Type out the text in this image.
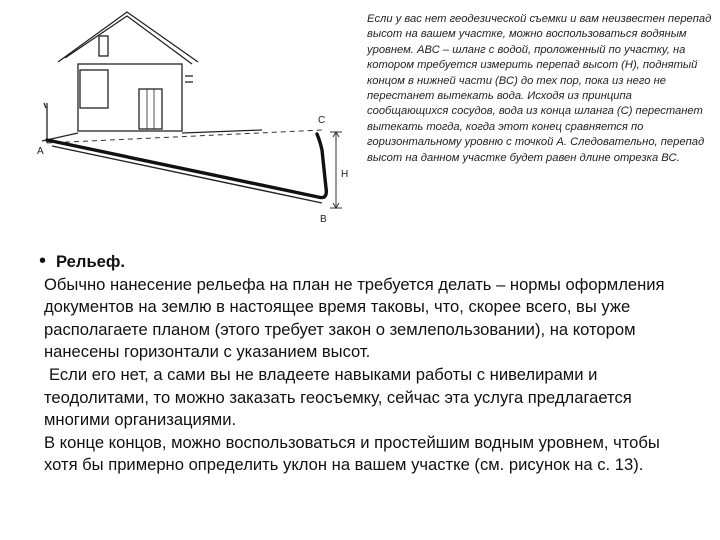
A
B
C
H
Если у вас нет геодезической съемки и вам неизвестен перепад высот на вашем участке, можно воспользоваться водяным уровнем. АВС – шланг с водой, проложенный по участку, на котором требуется измерить перепад высот (Н), поднятый концом в нижней части (ВС) до тех пор, пока из него не перестанет вытекать вода. Исходя из принципа сообщающихся сосудов, вода из конца шланга (С) перестанет вытекать тогда, когда этот конец сравняется по горизонтальному уровню с точкой А. Следовательно, перепад высот на данном участке будет равен длине отрезка ВС.
• Рельеф.

Обычно нанесение рельефа на план не требуется делать – нормы оформления документов на землю в настоящее время таковы, что, скорее всего, вы уже располагаете планом (этого требует закон о землепользовании), на котором нанесены горизонтали с указанием высот.

Если его нет, а сами вы не владеете навыками работы с нивелирами и теодолитами, то можно заказать геосъемку, сейчас эта услуга предлагается многими организациями.

В конце концов, можно воспользоваться и простейшим водным уровнем, чтобы хотя бы примерно определить уклон на вашем участке (см. рисунок на с. 13).
